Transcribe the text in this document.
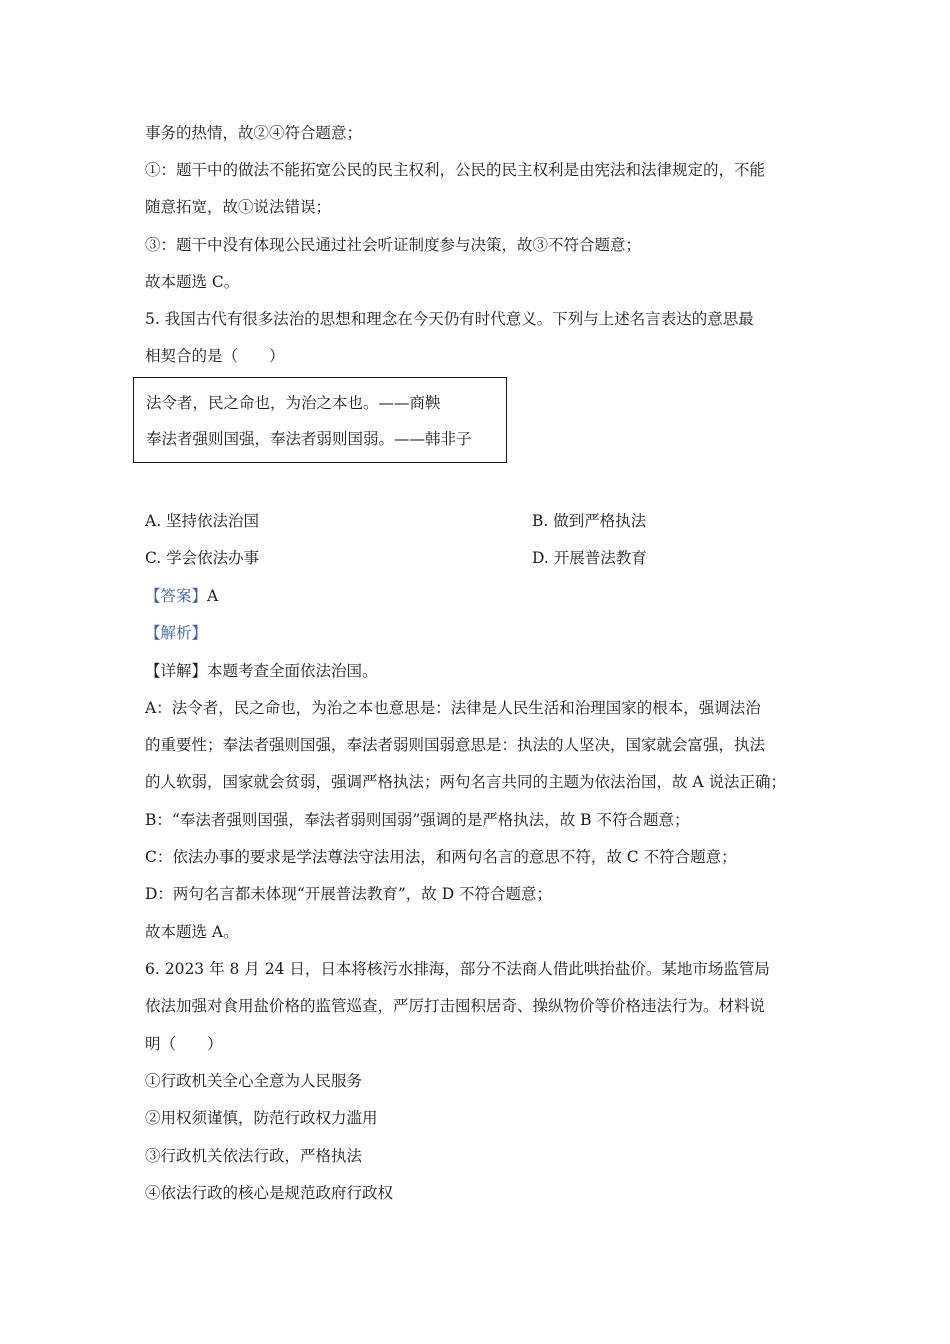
事务的热情，故②④符合题意；
①：题干中的做法不能拓宽公民的民主权利，公民的民主权利是由宪法和法律规定的，不能
随意拓宽，故①说法错误；
③：题干中没有体现公民通过社会听证制度参与决策，故③不符合题意；
故本题选 C。
5. 我国古代有很多法治的思想和理念在今天仍有时代意义。下列与上述名言表达的意思最
相契合的是（　　）
法令者，民之命也，为治之本也。——商鞅
奉法者强则国强，奉法者弱则国弱。——韩非子
A. 坚持依法治国	B. 做到严格执法
C. 学会依法办事	D. 开展普法教育
【答案】A
【解析】
【详解】本题考查全面依法治国。
A：法令者，民之命也，为治之本也意思是：法律是人民生活和治理国家的根本，强调法治
的重要性；奉法者强则国强，奉法者弱则国弱意思是：执法的人坚决，国家就会富强，执法
的人软弱，国家就会贫弱，强调严格执法；两句名言共同的主题为依法治国，故 A 说法正确；
B：“奉法者强则国强，奉法者弱则国弱”强调的是严格执法，故 B 不符合题意；
C：依法办事的要求是学法尊法守法用法，和两句名言的意思不符，故 C 不符合题意；
D：两句名言都未体现“开展普法教育”，故 D 不符合题意；
故本题选 A。
6. 2023 年 8 月 24 日，日本将核污水排海，部分不法商人借此哄抬盐价。某地市场监管局
依法加强对食用盐价格的监管巡查，严厉打击囤积居奇、操纵物价等价格违法行为。材料说
明（　　）
①行政机关全心全意为人民服务
②用权须谨慎，防范行政权力滥用
③行政机关依法行政，严格执法
④依法行政的核心是规范政府行政权
